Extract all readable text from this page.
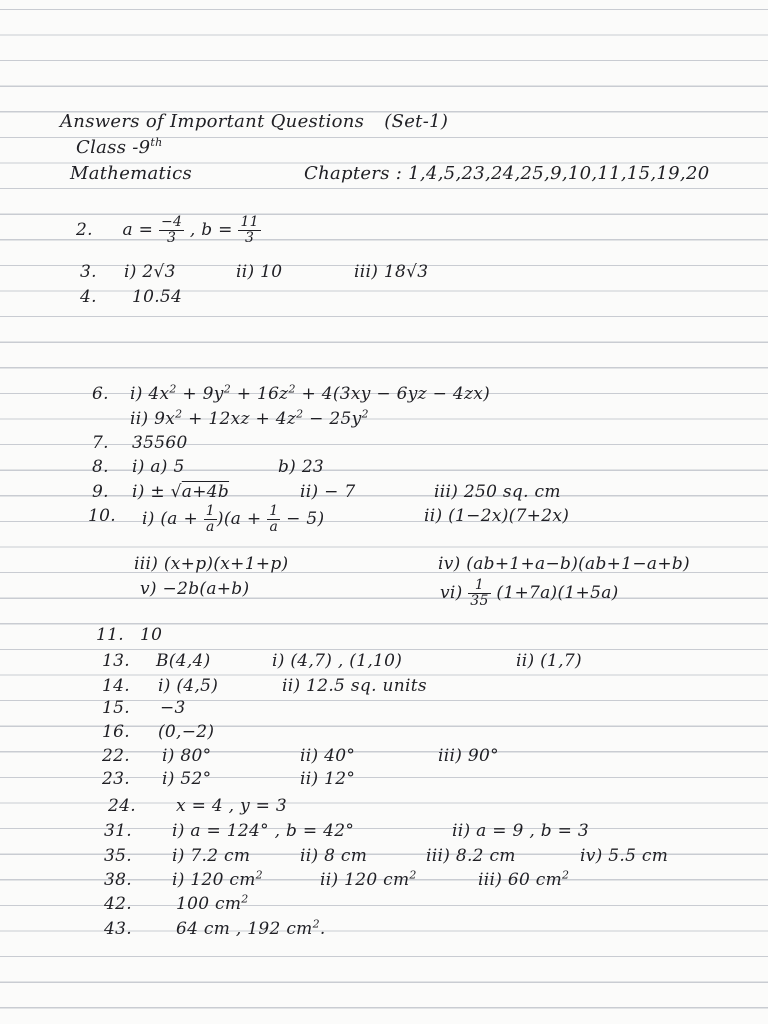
Answers of Important Questions (Set-1)
Class -9th
Mathematics	Chapters : 1,4,5,23,24,25,9,10,11,15,19,20
2. $a = \frac{-4}{3}$ , $b = \frac{11}{3}$
3. i) 2√3	ii) 10	iii) 18√3
4. 10.54
6. i) $4x^2 + 9y^2 + 16z^2 + 4(3xy - 6yz - 4zx)$
ii) $9x^2 + 12xz + 4z^2 - 25y^2$
7. 35560
8. i) a) 5	b) 23
9. i) ± √a+4b	ii) − 7	iii) 250 sq. cm
10. i) $(a + \frac{1}{a} )(a + \frac{1}{a} - 5)$	ii) (1−2x)(7+2x)
iii) (x+p)(x+1+p)	iv) (ab+1+a−b)(ab+1−a+b)
v) −2b(a+b)	$vi) \frac{1}{35} (1+7a)(1+5a)$
11. 10
13. B(4,4)	i) (4,7) , (1,10)	ii) (1,7)
14. i) (4,5)	ii) 12.5 sq. units
15. −3
16. (0,−2)
22. i) 80°	ii) 40°	iii) 90°
23. i) 52°	ii) 12°
24. x = 4 , y = 3
31. i) a = 124° , b = 42°	ii) a = 9 , b = 3
35. i) 7.2 cm	ii) 8 cm	iii) 8.2 cm	iv) 5.5 cm
38. i) 120 $cm^2$	ii) 120 $cm^2$	iii) 60 $cm^2$
42.	100 $cm^2$
43.	64 cm , 192 $cm^2$.
